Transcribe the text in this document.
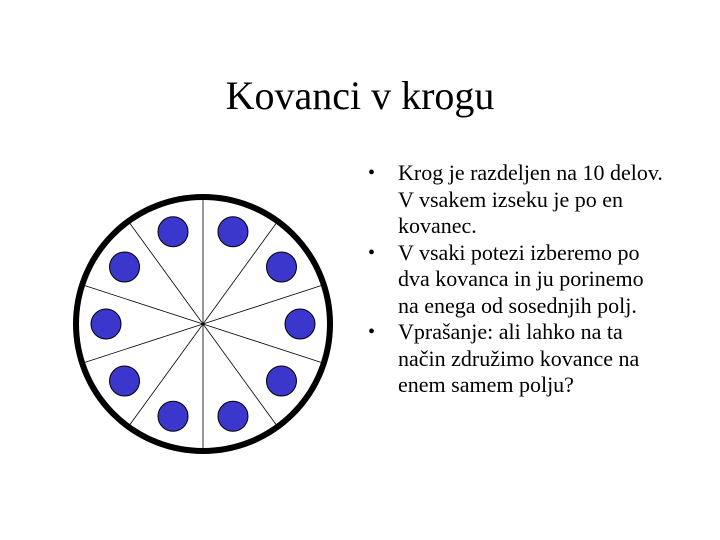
Kovanci v krogu
•	Krog je razdeljen na 10 delov. V vsakem izseku je po en kovanec.
•	V vsaki potezi izberemo po dva kovanca in ju porinemo na enega od sosednjih polj.
•	Vprašanje: ali lahko na ta način združimo kovance na enem samem polju?
